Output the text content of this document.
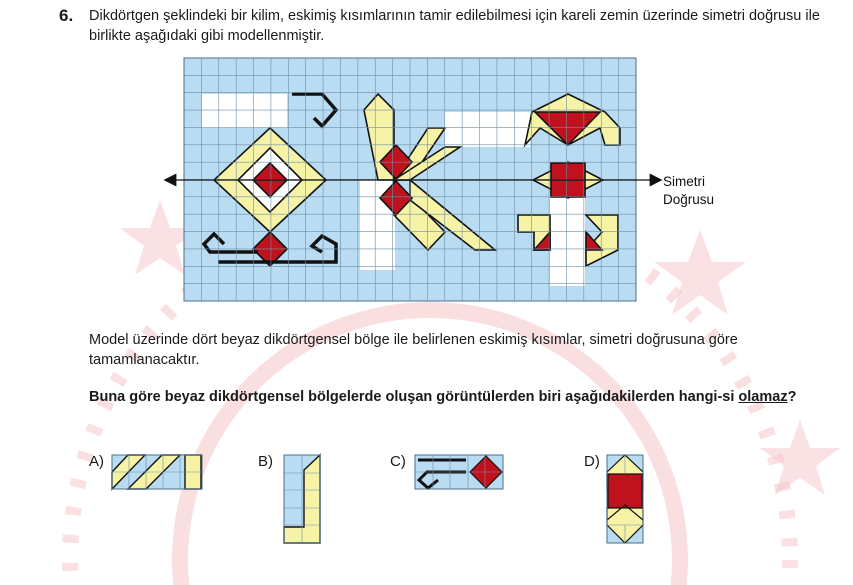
6. Dikdörtgen şeklindeki bir kilim, eskimiş kısımlarının tamir edilebilmesi için kareli zemin üzerinde simetri doğrusu ile birlikte aşağıdaki gibi modellenmiştir.
Simetri
Doğrusu
Model üzerinde dört beyaz dikdörtgensel bölge ile belirlenen eskimiş kısımlar, simetri doğrusuna göre tamamlanacaktır.
Buna göre beyaz dikdörtgensel bölgelerde oluşan görüntülerden biri aşağıdakilerden hangi-si olamaz?
A)	B)	C)	D)
